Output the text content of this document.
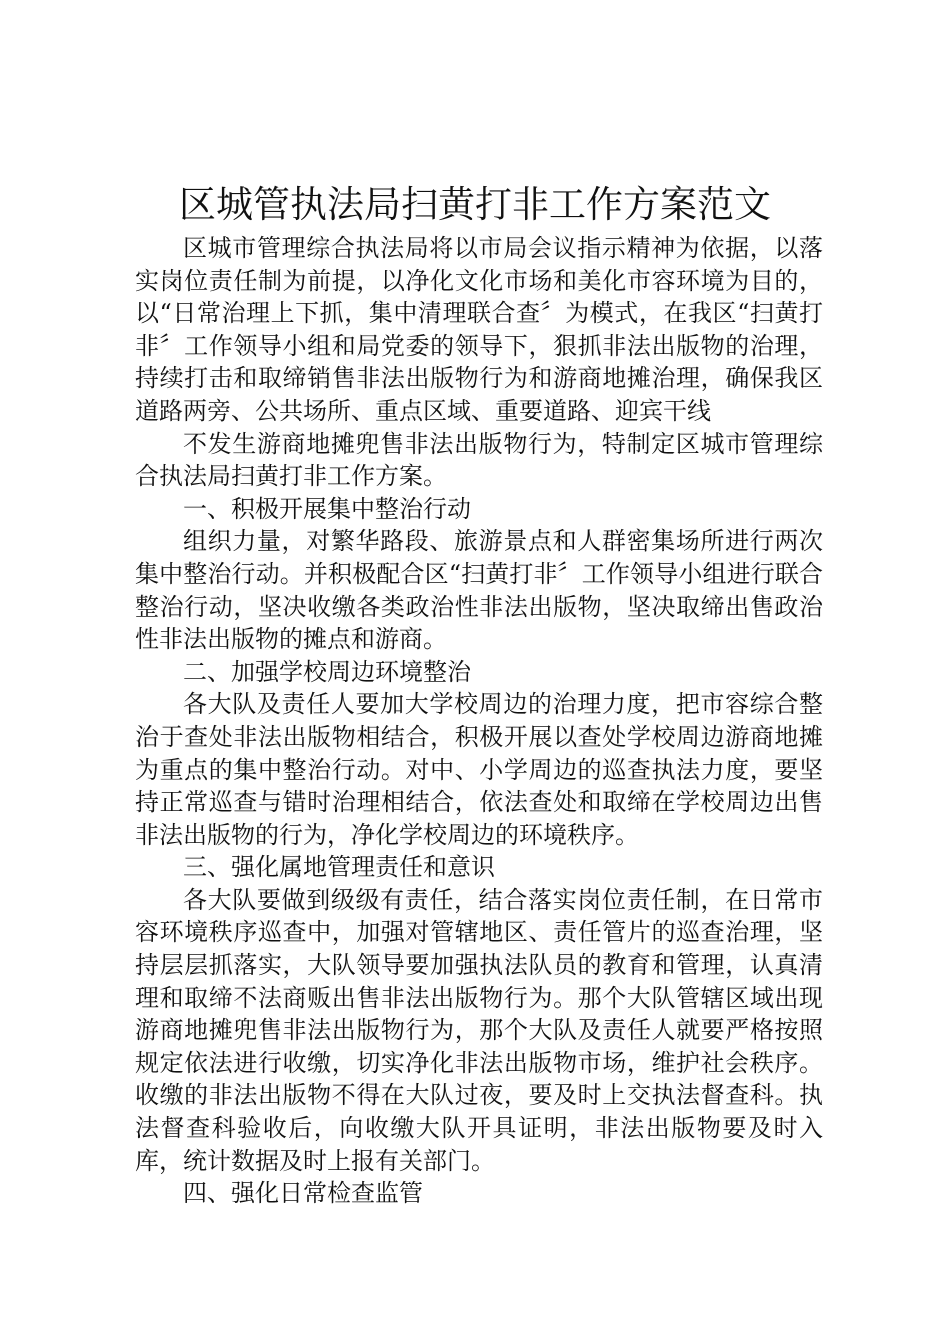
区城管执法局扫黄打非工作方案范文

区城市管理综合执法局将以市局会议指示精神为依据，以落实岗位责任制为前提，以净化文化市场和美化市容环境为目的，以“日常治理上下抓，集中清理联合查〞为模式，在我区“扫黄打非〞工作领导小组和局党委的领导下，狠抓非法出版物的治理，持续打击和取缔销售非法出版物行为和游商地摊治理，确保我区道路两旁、公共场所、重点区域、重要道路、迎宾干线

不发生游商地摊兜售非法出版物行为，特制定区城市管理综合执法局扫黄打非工作方案。

一、积极开展集中整治行动

组织力量，对繁华路段、旅游景点和人群密集场所进行两次集中整治行动。并积极配合区“扫黄打非〞工作领导小组进行联合整治行动，坚决收缴各类政治性非法出版物，坚决取缔出售政治性非法出版物的摊点和游商。

二、加强学校周边环境整治

各大队及责任人要加大学校周边的治理力度，把市容综合整治于查处非法出版物相结合，积极开展以查处学校周边游商地摊为重点的集中整治行动。对中、小学周边的巡查执法力度，要坚持正常巡查与错时治理相结合，依法查处和取缔在学校周边出售非法出版物的行为，净化学校周边的环境秩序。

三、强化属地管理责任和意识

各大队要做到级级有责任，结合落实岗位责任制，在日常市容环境秩序巡查中，加强对管辖地区、责任管片的巡查治理，坚持层层抓落实，大队领导要加强执法队员的教育和管理，认真清理和取缔不法商贩出售非法出版物行为。那个大队管辖区域出现游商地摊兜售非法出版物行为，那个大队及责任人就要严格按照规定依法进行收缴，切实净化非法出版物市场，维护社会秩序。收缴的非法出版物不得在大队过夜，要及时上交执法督查科。执法督查科验收后，向收缴大队开具证明，非法出版物要及时入库，统计数据及时上报有关部门。

四、强化日常检查监管
